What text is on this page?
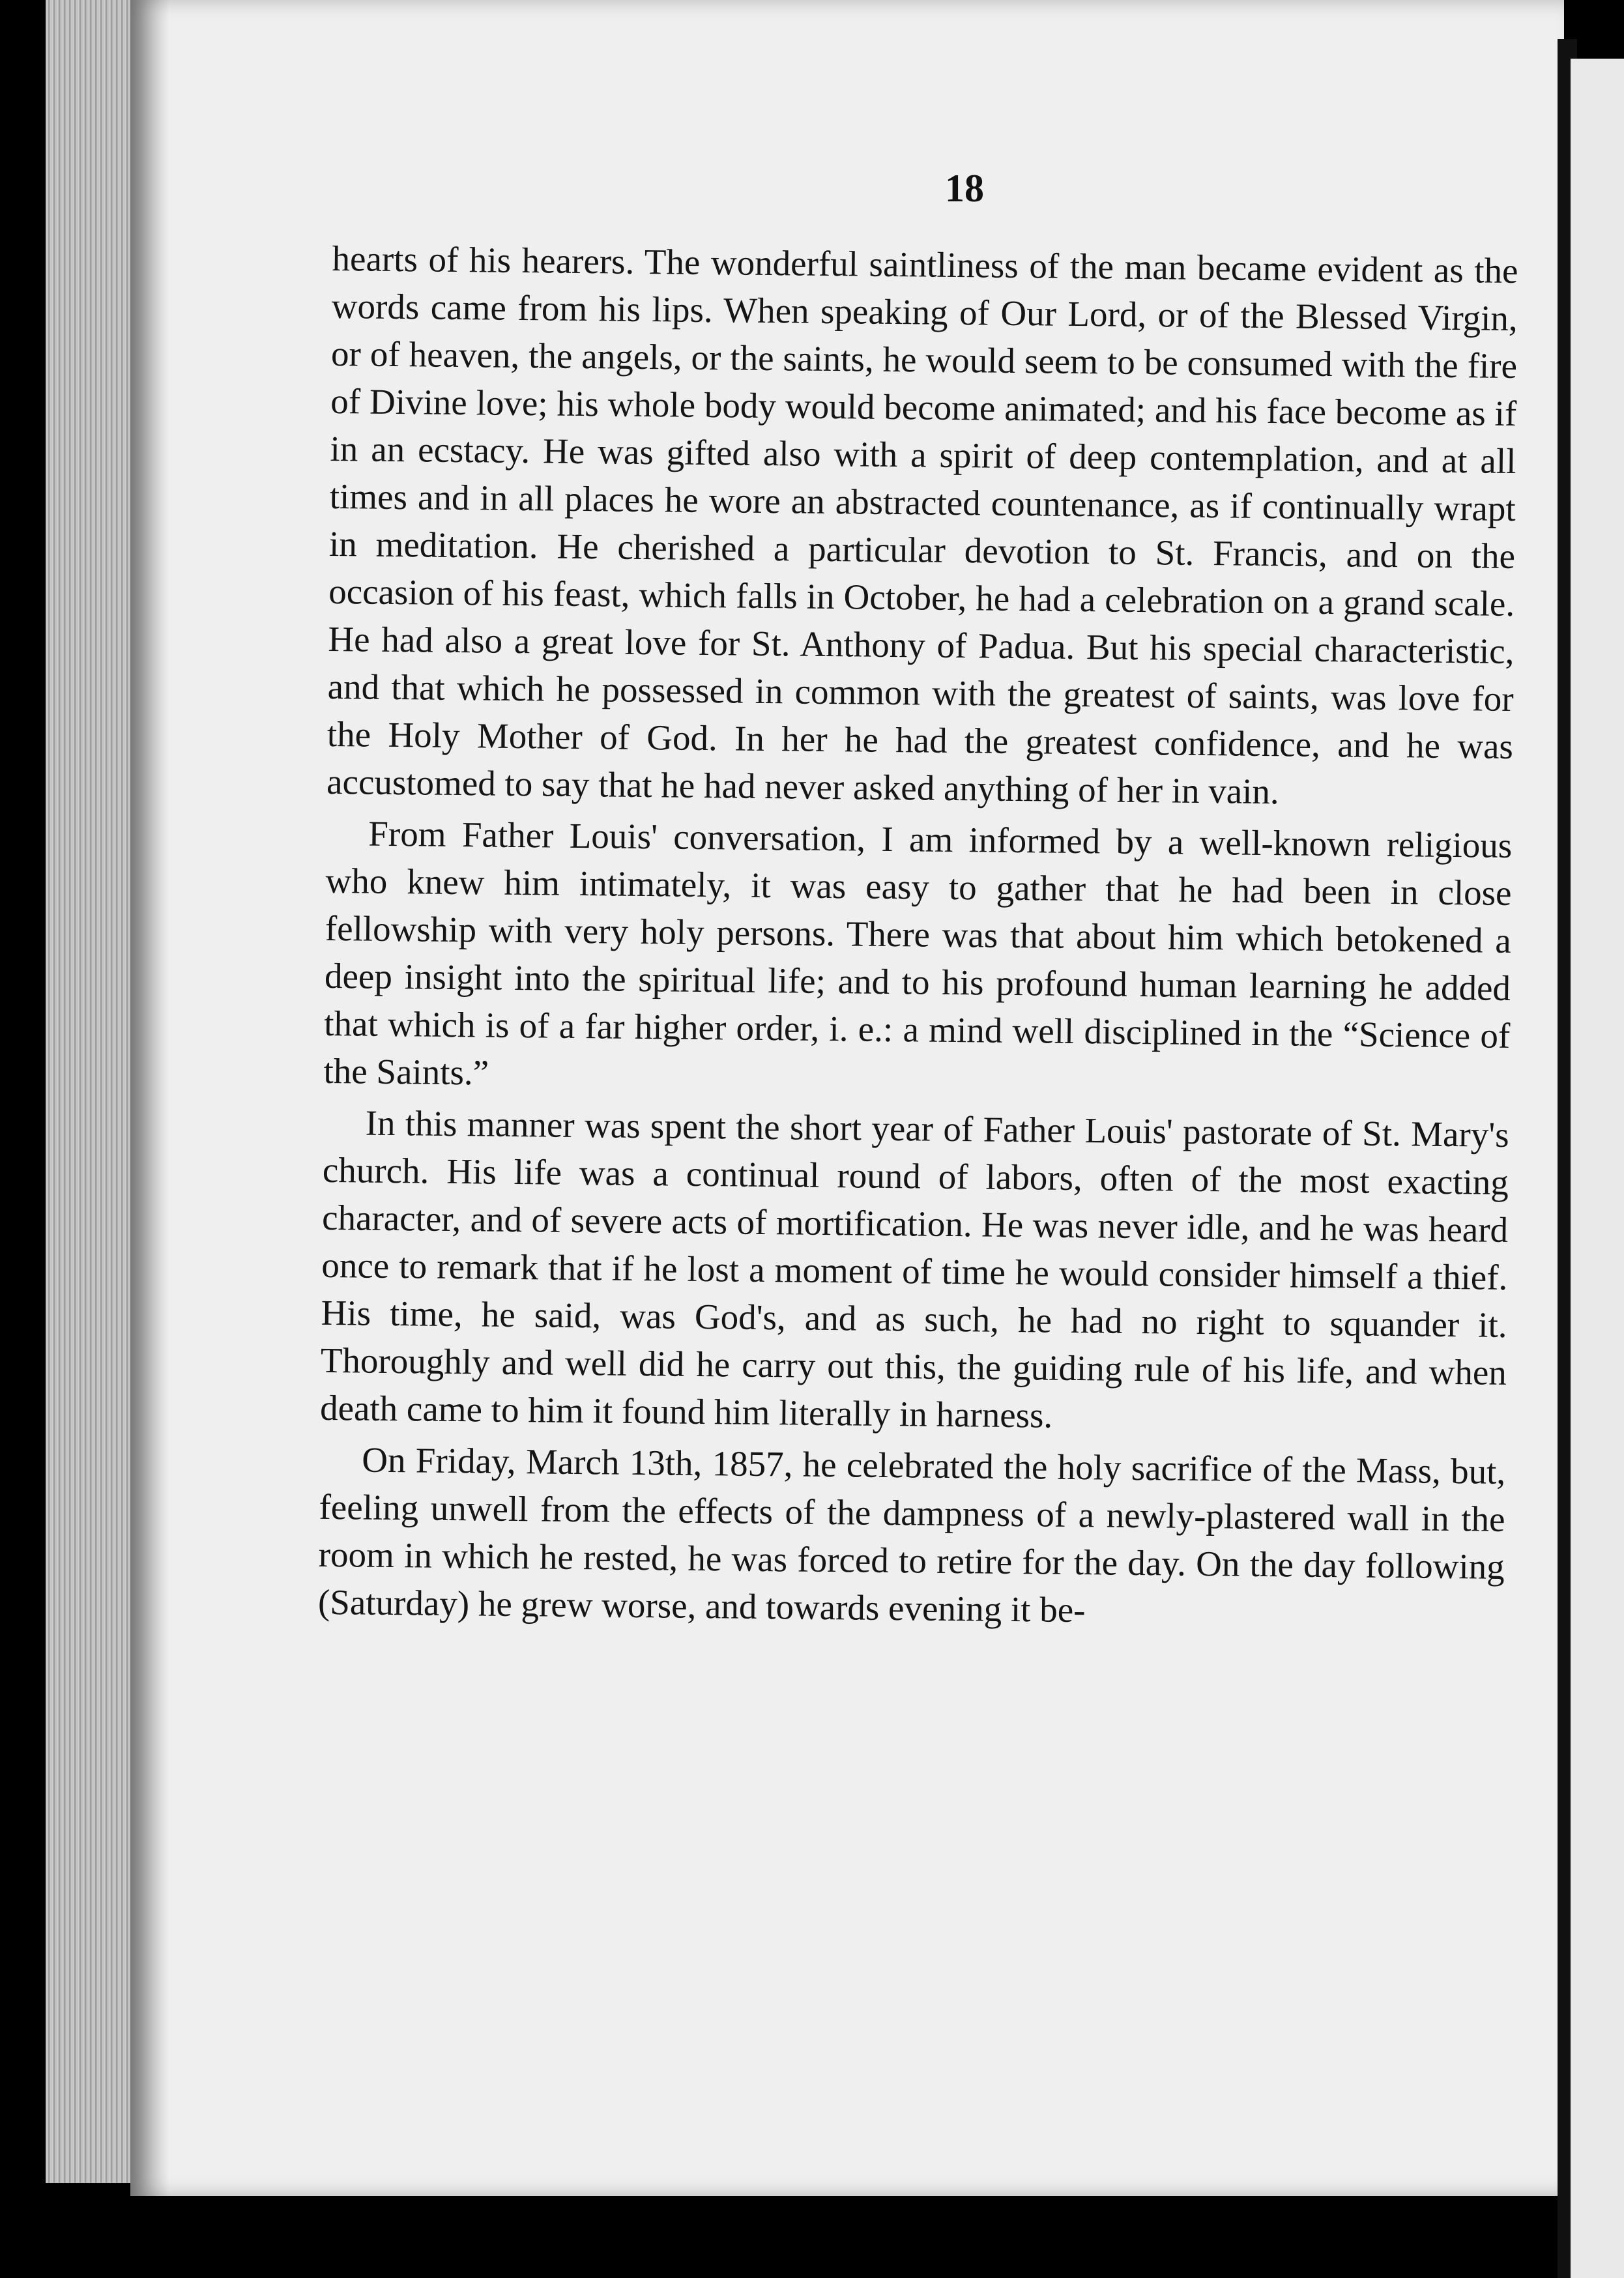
18

hearts of his hearers. The wonderful saintliness of the man became evident as the words came from his lips. When speaking of Our Lord, or of the Blessed Virgin, or of heaven, the angels, or the saints, he would seem to be consumed with the fire of Divine love; his whole body would become animated; and his face become as if in an ecstacy. He was gifted also with a spirit of deep contemplation, and at all times and in all places he wore an abstracted countenance, as if continually wrapt in meditation. He cherished a particular devotion to St. Francis, and on the occasion of his feast, which falls in October, he had a celebration on a grand scale. He had also a great love for St. Anthony of Padua. But his special characteristic, and that which he possessed in common with the greatest of saints, was love for the Holy Mother of God. In her he had the greatest confidence, and he was accustomed to say that he had never asked anything of her in vain.

From Father Louis' conversation, I am informed by a well-known religious who knew him intimately, it was easy to gather that he had been in close fellowship with very holy persons. There was that about him which betokened a deep insight into the spiritual life; and to his profound human learning he added that which is of a far higher order, i. e.: a mind well disciplined in the “Science of the Saints.”

In this manner was spent the short year of Father Louis' pastorate of St. Mary's church. His life was a continual round of labors, often of the most exacting character, and of severe acts of mortification. He was never idle, and he was heard once to remark that if he lost a moment of time he would consider himself a thief. His time, he said, was God's, and as such, he had no right to squander it. Thoroughly and well did he carry out this, the guiding rule of his life, and when death came to him it found him literally in harness.

On Friday, March 13th, 1857, he celebrated the holy sacrifice of the Mass, but, feeling unwell from the effects of the dampness of a newly-plastered wall in the room in which he rested, he was forced to retire for the day. On the day following (Saturday) he grew worse, and towards evening it be-
